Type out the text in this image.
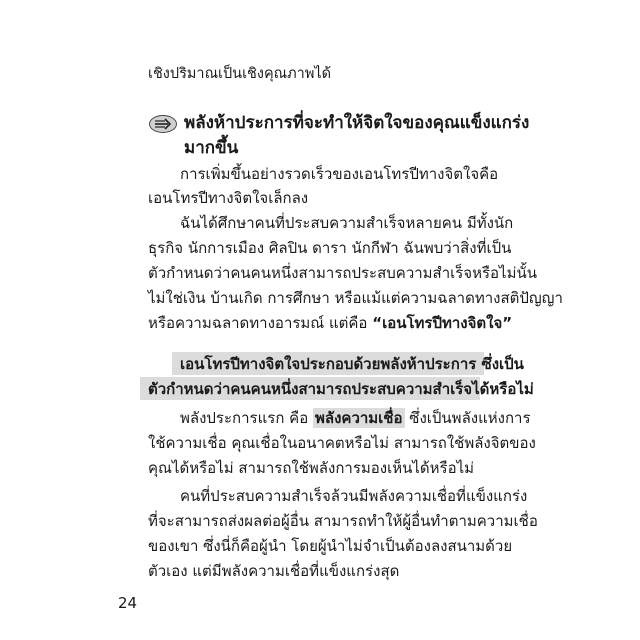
เชิงปริมาณเป็นเชิงคุณภาพได้
พลังห้าประการที่จะทำให้จิตใจของคุณแข็งแกร่ง
มากขึ้น
การเพิ่มขึ้นอย่างรวดเร็วของเอนโทรปีทางจิตใจคือ
เอนโทรปีทางจิตใจเล็กลง
ฉันได้ศึกษาคนที่ประสบความสำเร็จหลายคน มีทั้งนัก
ธุรกิจ นักการเมือง ศิลปิน ดารา นักกีฬา ฉันพบว่าสิ่งที่เป็น
ตัวกำหนดว่าคนคนหนึ่งสามารถประสบความสำเร็จหรือไม่นั้น
ไม่ใช่เงิน บ้านเกิด การศึกษา หรือแม้แต่ความฉลาดทางสติปัญญา
หรือความฉลาดทางอารมณ์ แต่คือ “เอนโทรปีทางจิตใจ”
เอนโทรปีทางจิตใจประกอบด้วยพลังห้าประการ ซึ่งเป็น
ตัวกำหนดว่าคนคนหนึ่งสามารถประสบความสำเร็จได้หรือไม่
พลังประการแรก คือ พลังความเชื่อ ซึ่งเป็นพลังแห่งการ
ใช้ความเชื่อ คุณเชื่อในอนาคตหรือไม่ สามารถใช้พลังจิตของ
คุณได้หรือไม่ สามารถใช้พลังการมองเห็นได้หรือไม่
คนที่ประสบความสำเร็จล้วนมีพลังความเชื่อที่แข็งแกร่ง
ที่จะสามารถส่งผลต่อผู้อื่น สามารถทำให้ผู้อื่นทำตามความเชื่อ
ของเขา ซึ่งนี่ก็คือผู้นำ โดยผู้นำไม่จำเป็นต้องลงสนามด้วย
ตัวเอง แต่มีพลังความเชื่อที่แข็งแกร่งสุด
24
